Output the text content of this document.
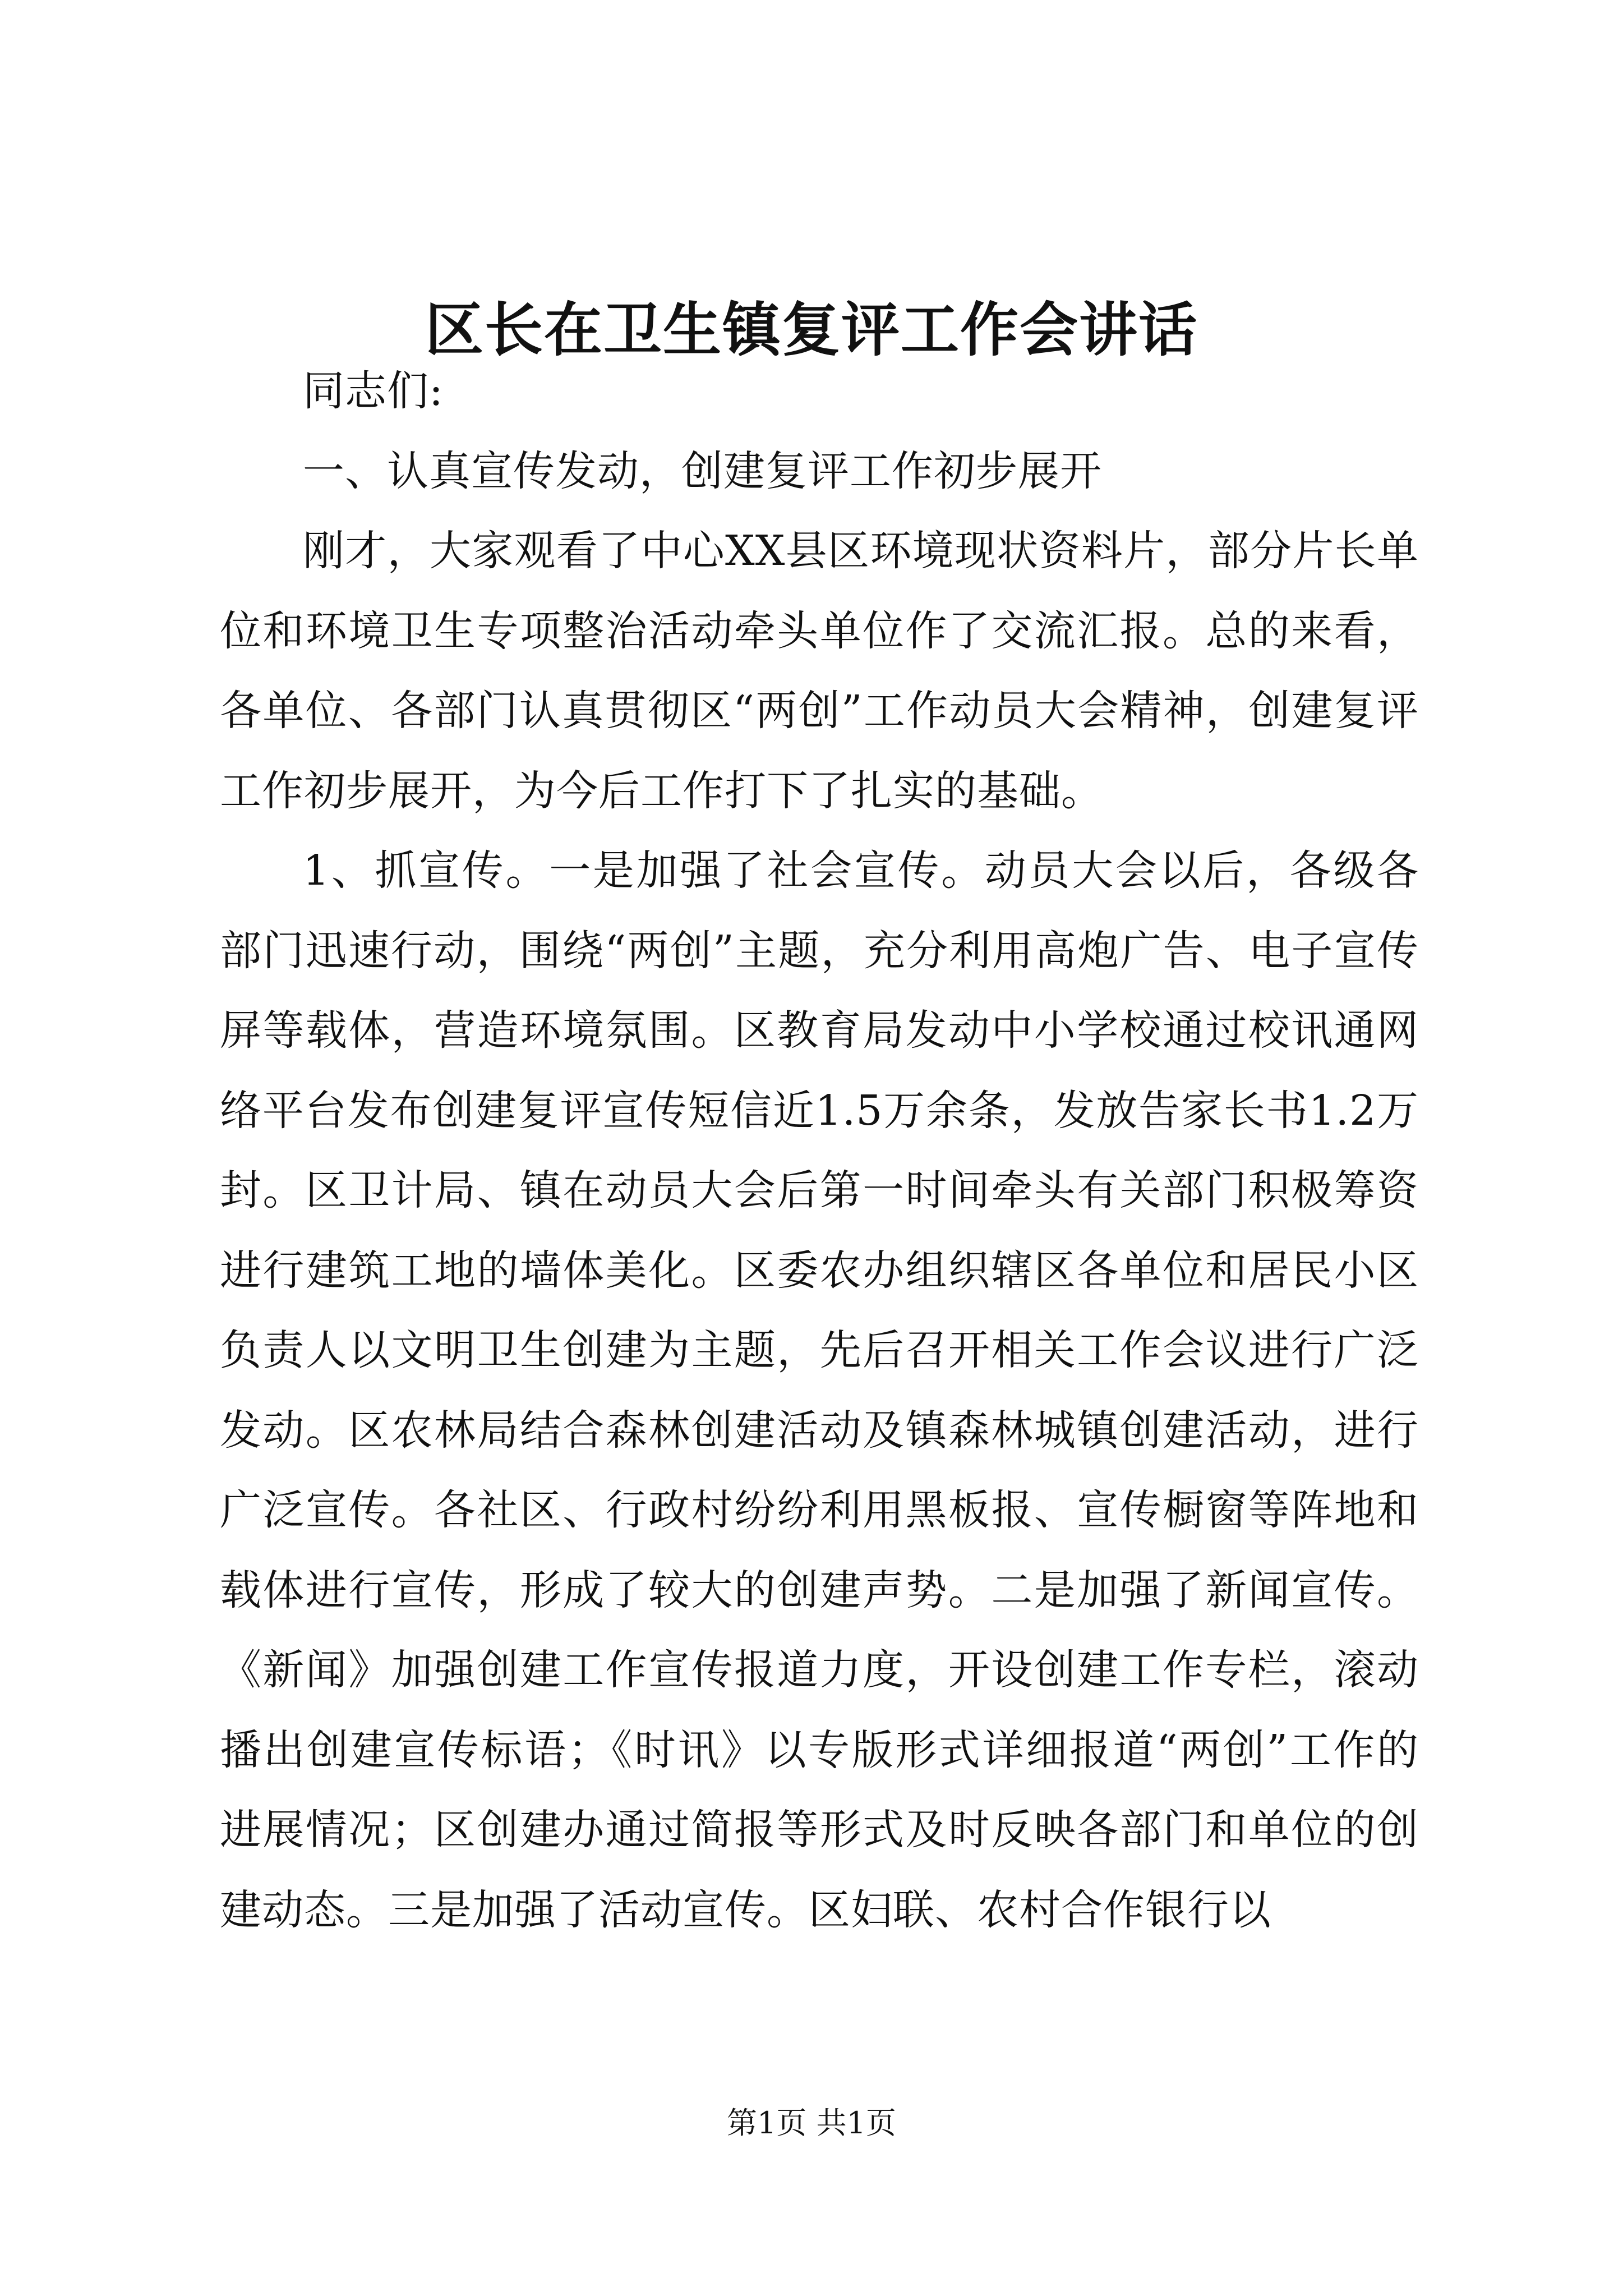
区长在卫生镇复评工作会讲话

同志们:

一、认真宣传发动，创建复评工作初步展开

刚才，大家观看了中心XX县区环境现状资料片，部分片长单位和环境卫生专项整治活动牵头单位作了交流汇报。总的来看，各单位、各部门认真贯彻区“两创”工作动员大会精神，创建复评工作初步展开，为今后工作打下了扎实的基础。

1、抓宣传。一是加强了社会宣传。动员大会以后，各级各部门迅速行动，围绕“两创”主题，充分利用高炮广告、电子宣传屏等载体，营造环境氛围。区教育局发动中小学校通过校讯通网络平台发布创建复评宣传短信近1.5万余条，发放告家长书1.2万封。区卫计局、镇在动员大会后第一时间牵头有关部门积极筹资进行建筑工地的墙体美化。区委农办组织辖区各单位和居民小区负责人以文明卫生创建为主题，先后召开相关工作会议进行广泛发动。区农林局结合森林创建活动及镇森林城镇创建活动，进行广泛宣传。各社区、行政村纷纷利用黑板报、宣传橱窗等阵地和载体进行宣传，形成了较大的创建声势。二是加强了新闻宣传。《新闻》加强创建工作宣传报道力度，开设创建工作专栏，滚动播出创建宣传标语；《时讯》以专版形式详细报道“两创”工作的进展情况；区创建办通过简报等形式及时反映各部门和单位的创建动态。三是加强了活动宣传。区妇联、农村合作银行以

第1页 共1页
